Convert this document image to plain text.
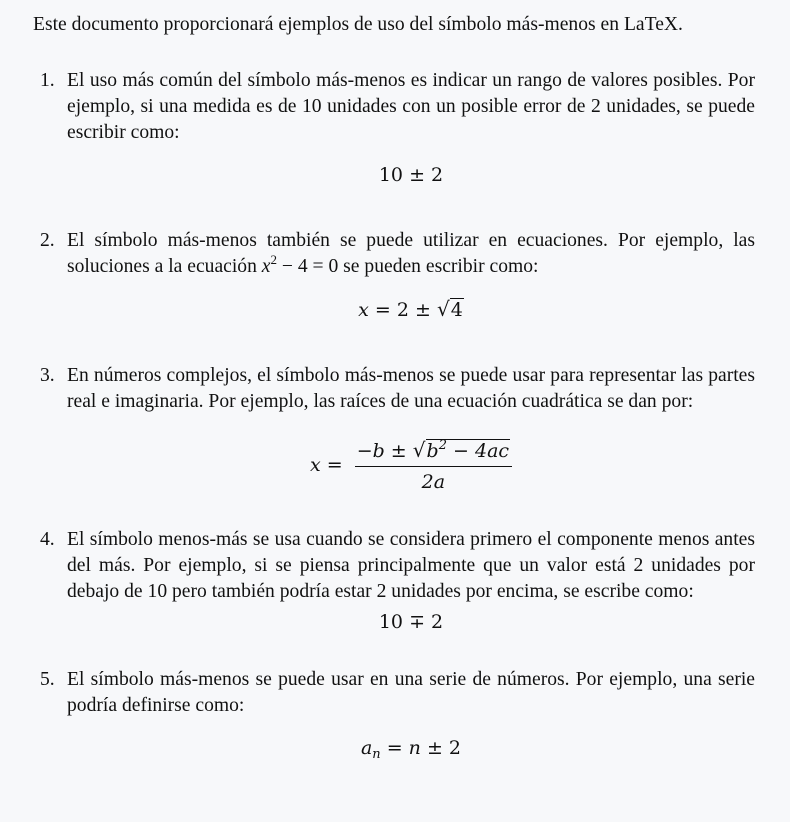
Este documento proporcionará ejemplos de uso del símbolo más-menos en LaTeX.

1. El uso más común del símbolo más-menos es indicar un rango de valores posibles. Por ejemplo, si una medida es de 10 unidades con un posible error de 2 unidades, se puede escribir como:

10 ± 2
2. El símbolo más-menos también se puede utilizar en ecuaciones. Por ejemplo, las soluciones a la ecuación $x^2 - 4 = 0$ se pueden escribir como:

x = 2 ± √4
3. En números complejos, el símbolo más-menos se puede usar para representar las partes real e imaginaria. Por ejemplo, las raíces de una ecuación cuadrática se dan por:

$x = \frac{-b \pm √b^2 - 4ac}{2a}$
4. El símbolo menos-más se usa cuando se considera primero el componente menos antes del más. Por ejemplo, si se piensa principalmente que un valor está 2 unidades por debajo de 10 pero también podría estar 2 unidades por encima, se escribe como:

10 ∓ 2
5. El símbolo más-menos se puede usar en una serie de números. Por ejemplo, una serie podría definirse como:

$a_n = n \pm 2$
